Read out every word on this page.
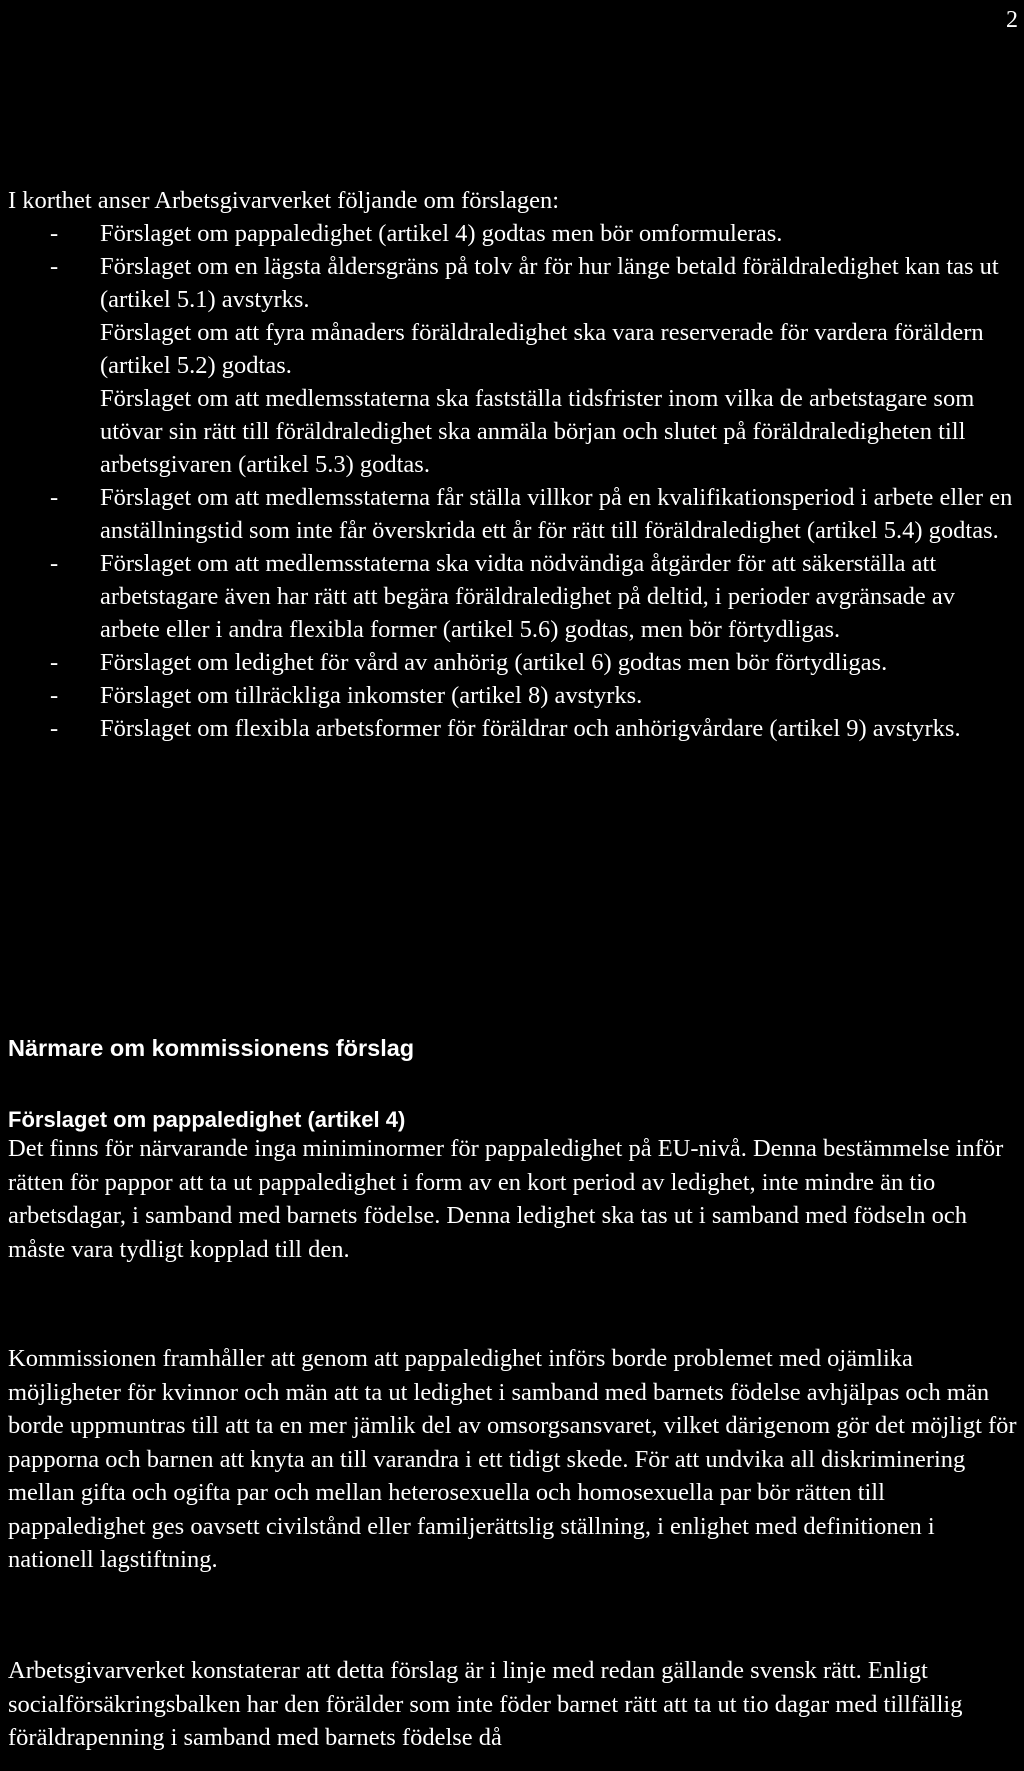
2

I korthet anser Arbetsgivarverket följande om förslagen:

- Förslaget om pappaledighet (artikel 4) godtas men bör omformuleras.
- Förslaget om en lägsta åldersgräns på tolv år för hur länge betald föräldraledighet kan tas ut (artikel 5.1) avstyrks.
Förslaget om att fyra månaders föräldraledighet ska vara reserverade för vardera föräldern (artikel 5.2) godtas.
Förslaget om att medlemsstaterna ska fastställa tidsfrister inom vilka de arbetstagare som utövar sin rätt till föräldraledighet ska anmäla början och slutet på föräldraledigheten till arbetsgivaren (artikel 5.3) godtas.
- Förslaget om att medlemsstaterna får ställa villkor på en kvalifikationsperiod i arbete eller en anställningstid som inte får överskrida ett år för rätt till föräldraledighet (artikel 5.4) godtas.
- Förslaget om att medlemsstaterna ska vidta nödvändiga åtgärder för att säkerställa att arbetstagare även har rätt att begära föräldraledighet på deltid, i perioder avgränsade av arbete eller i andra flexibla former (artikel 5.6) godtas, men bör förtydligas.
- Förslaget om ledighet för vård av anhörig (artikel 6) godtas men bör förtydligas.
- Förslaget om tillräckliga inkomster (artikel 8) avstyrks.
- Förslaget om flexibla arbetsformer för föräldrar och anhörigvårdare (artikel 9) avstyrks.
Närmare om kommissionens förslag
Förslaget om pappaledighet (artikel 4)

Det finns för närvarande inga miniminormer för pappaledighet på EU-nivå. Denna bestämmelse inför rätten för pappor att ta ut pappaledighet i form av en kort period av ledighet, inte mindre än tio arbetsdagar, i samband med barnets födelse. Denna ledighet ska tas ut i samband med födseln och måste vara tydligt kopplad till den.

Kommissionen framhåller att genom att pappaledighet införs borde problemet med ojämlika möjligheter för kvinnor och män att ta ut ledighet i samband med barnets födelse avhjälpas och män borde uppmuntras till att ta en mer jämlik del av omsorgsansvaret, vilket därigenom gör det möjligt för papporna och barnen att knyta an till varandra i ett tidigt skede. För att undvika all diskriminering mellan gifta och ogifta par och mellan heterosexuella och homosexuella par bör rätten till pappaledighet ges oavsett civilstånd eller familjerättslig ställning, i enlighet med definitionen i nationell lagstiftning.

Arbetsgivarverket konstaterar att detta förslag är i linje med redan gällande svensk rätt. Enligt socialförsäkringsbalken har den förälder som inte föder barnet rätt att ta ut tio dagar med tillfällig föräldrapenning i samband med barnets födelse då
